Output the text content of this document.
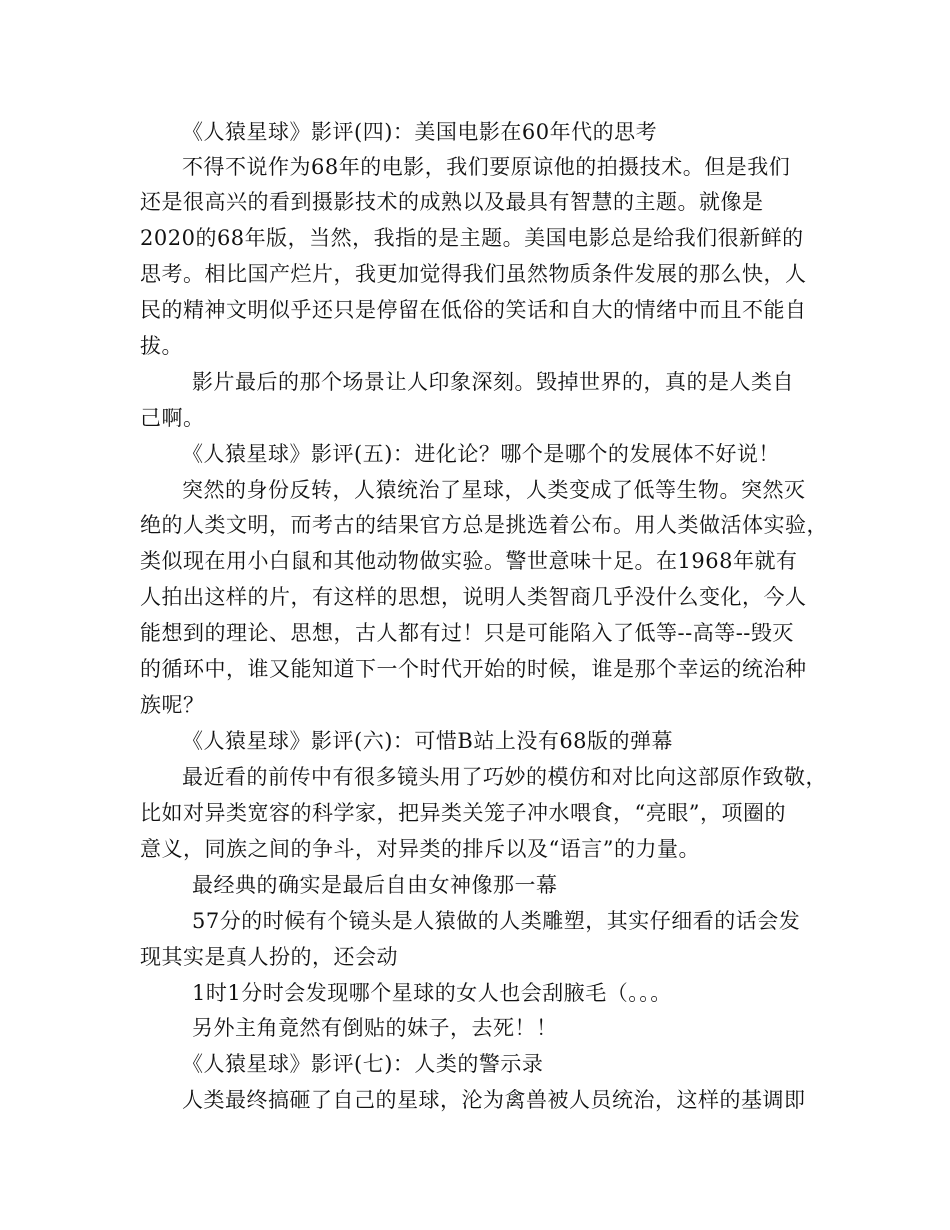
《人猿星球》影评(四)：美国电影在60年代的思考
不得不说作为68年的电影，我们要原谅他的拍摄技术。但是我们
还是很高兴的看到摄影技术的成熟以及最具有智慧的主题。就像是
2020的68年版，当然，我指的是主题。美国电影总是给我们很新鲜的
思考。相比国产烂片，我更加觉得我们虽然物质条件发展的那么快，人
民的精神文明似乎还只是停留在低俗的笑话和自大的情绪中而且不能自
拔。
影片最后的那个场景让人印象深刻。毁掉世界的，真的是人类自
己啊。
《人猿星球》影评(五)：进化论？哪个是哪个的发展体不好说！
突然的身份反转，人猿统治了星球，人类变成了低等生物。突然灭
绝的人类文明，而考古的结果官方总是挑选着公布。用人类做活体实验，
类似现在用小白鼠和其他动物做实验。警世意味十足。在1968年就有
人拍出这样的片，有这样的思想，说明人类智商几乎没什么变化，今人
能想到的理论、思想，古人都有过！只是可能陷入了低等--高等--毁灭
的循环中，谁又能知道下一个时代开始的时候，谁是那个幸运的统治种
族呢？
《人猿星球》影评(六)：可惜B站上没有68版的弹幕
最近看的前传中有很多镜头用了巧妙的模仿和对比向这部原作致敬，
比如对异类宽容的科学家，把异类关笼子冲水喂食，“亮眼”，项圈的
意义，同族之间的争斗，对异类的排斥以及“语言”的力量。
最经典的确实是最后自由女神像那一幕
57分的时候有个镜头是人猿做的人类雕塑，其实仔细看的话会发
现其实是真人扮的，还会动
1时1分时会发现哪个星球的女人也会刮腋毛（。。。
另外主角竟然有倒贴的妹子，去死！！
《人猿星球》影评(七)：人类的警示录
人类最终搞砸了自己的星球，沦为禽兽被人员统治，这样的基调即
